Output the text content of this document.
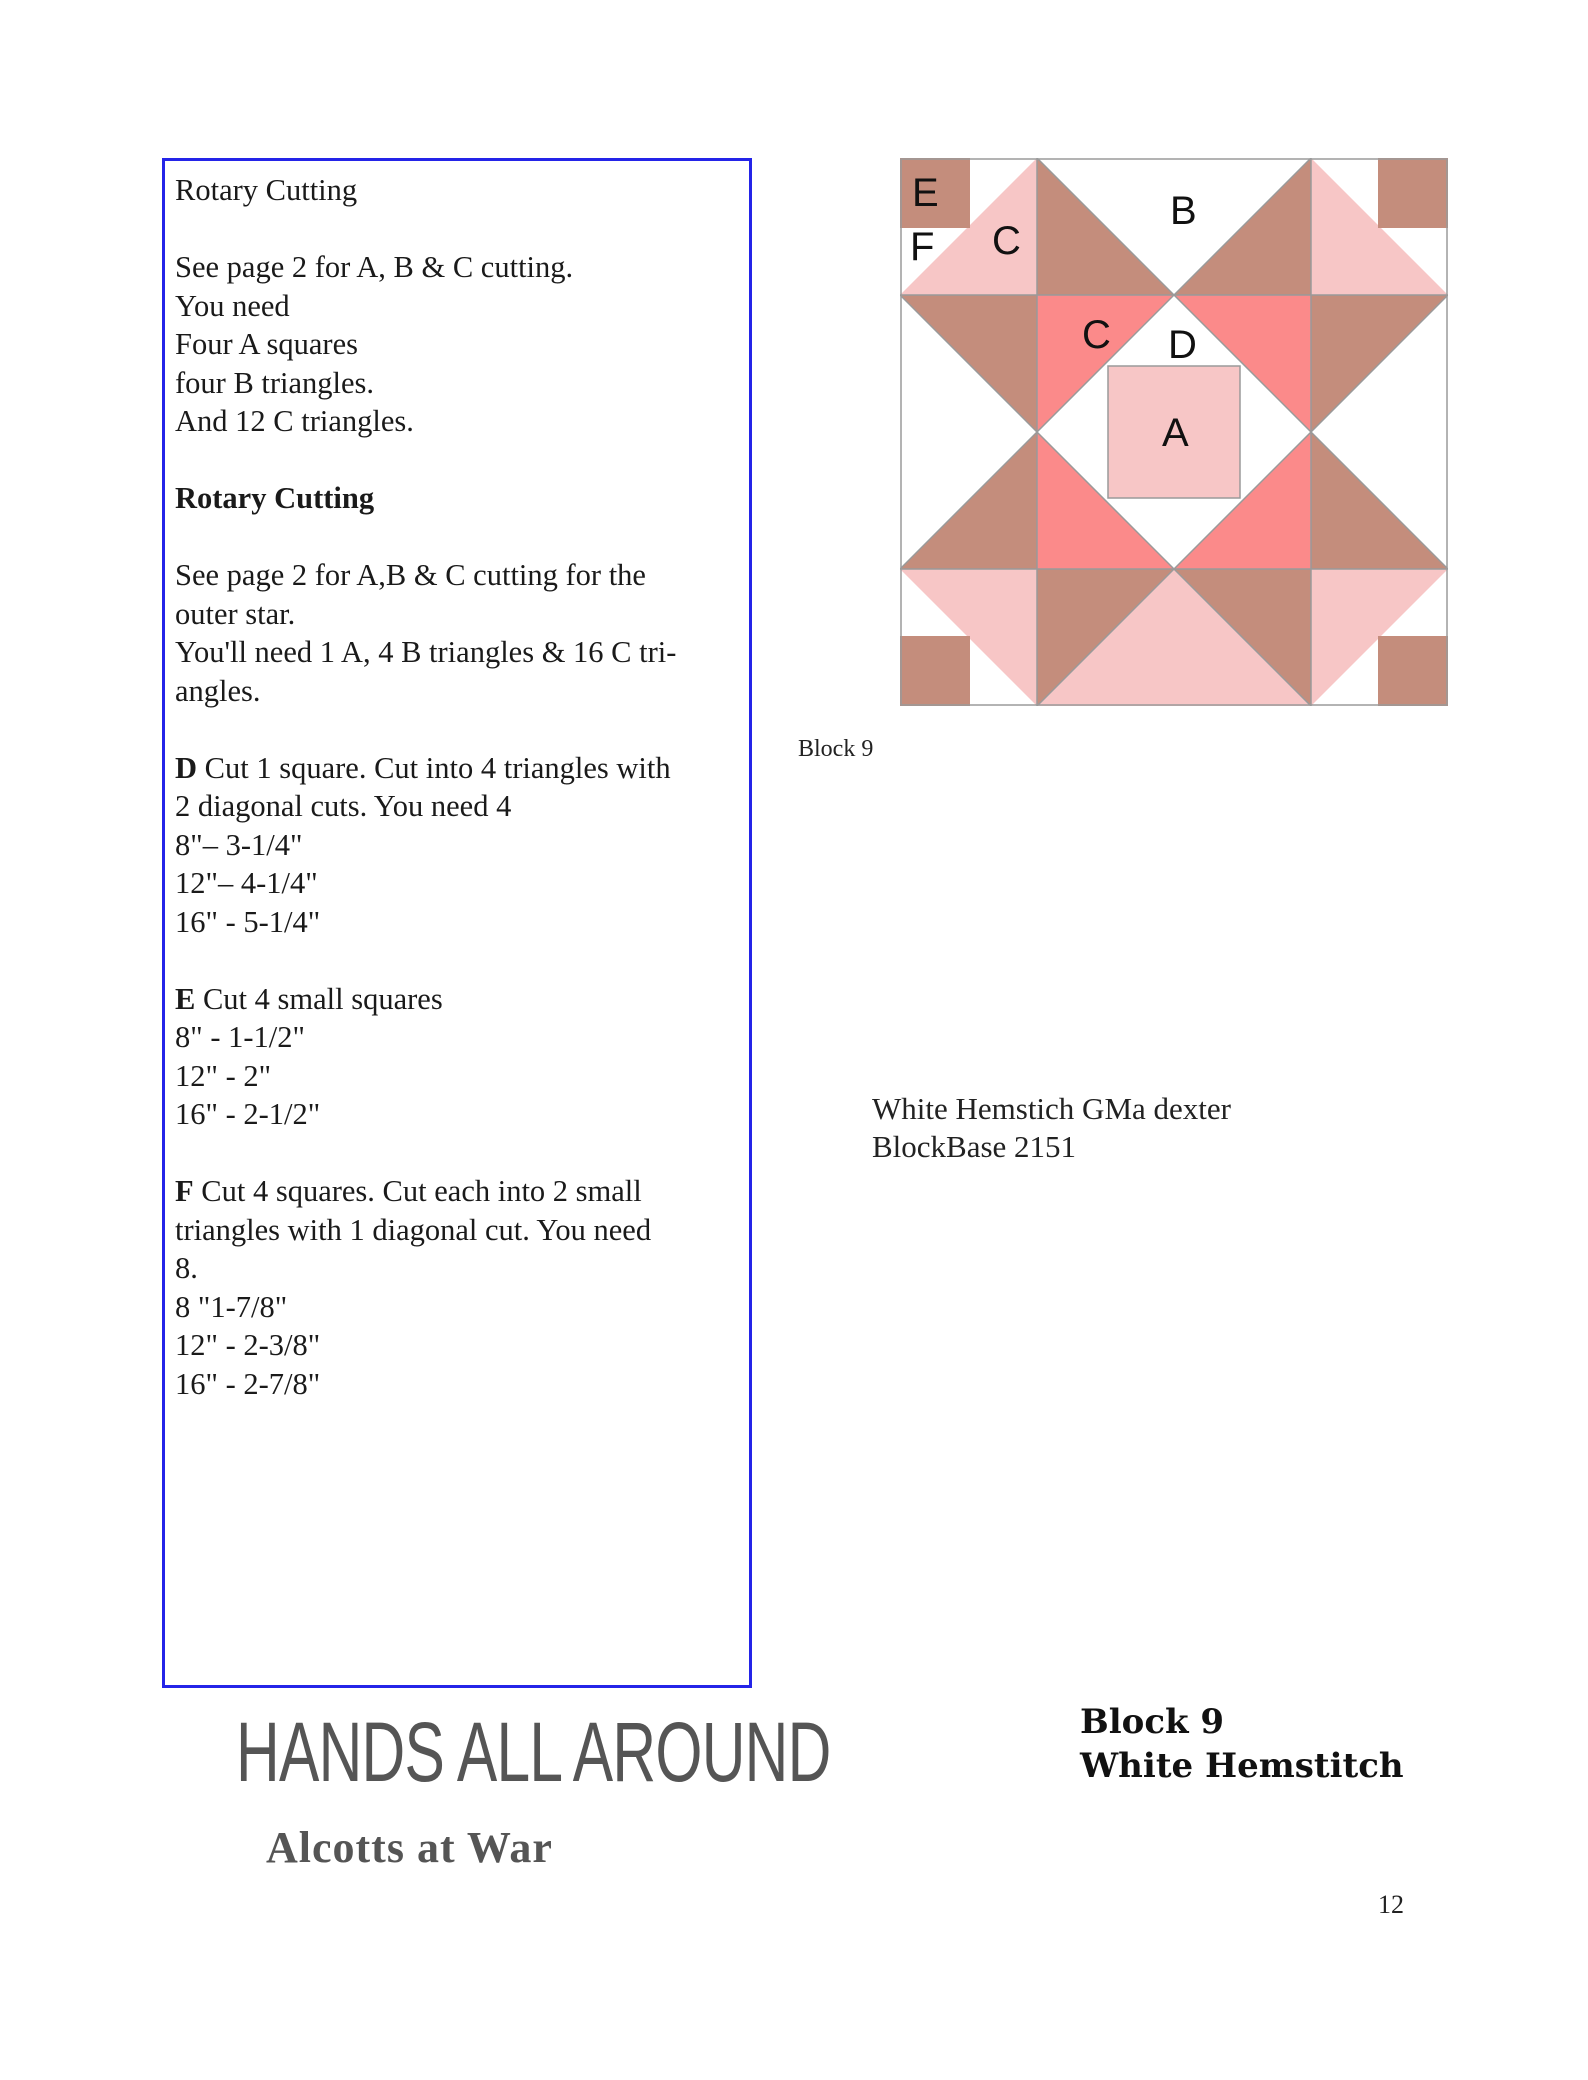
Rotary Cutting
See page 2 for A, B & C cutting.
You need
Four A squares
four B triangles.
And 12 C triangles.

Rotary Cutting
See page 2 for A,B & C cutting for the
outer star.
You'll need 1 A, 4 B triangles & 16 C tri-
angles.

D Cut 1 square. Cut into 4 triangles with
2 diagonal cuts. You need 4
8"– 3-1/4"
12"– 4-1/4"
16" - 5-1/4"

E Cut 4 small squares
8" - 1-1/2"
12" - 2"
16" - 2-1/2"

F Cut 4 squares. Cut each into 2 small
triangles with 1 diagonal cut. You need
8.
8 "1-7/8"
12" - 2-3/8"
16" - 2-7/8"

E
F C
B
C D
A
Block 9
White Hemstich GMa dexter
BlockBase 2151
HANDS ALL AROUND
Alcotts at War
Block 9
White Hemstitch
12
